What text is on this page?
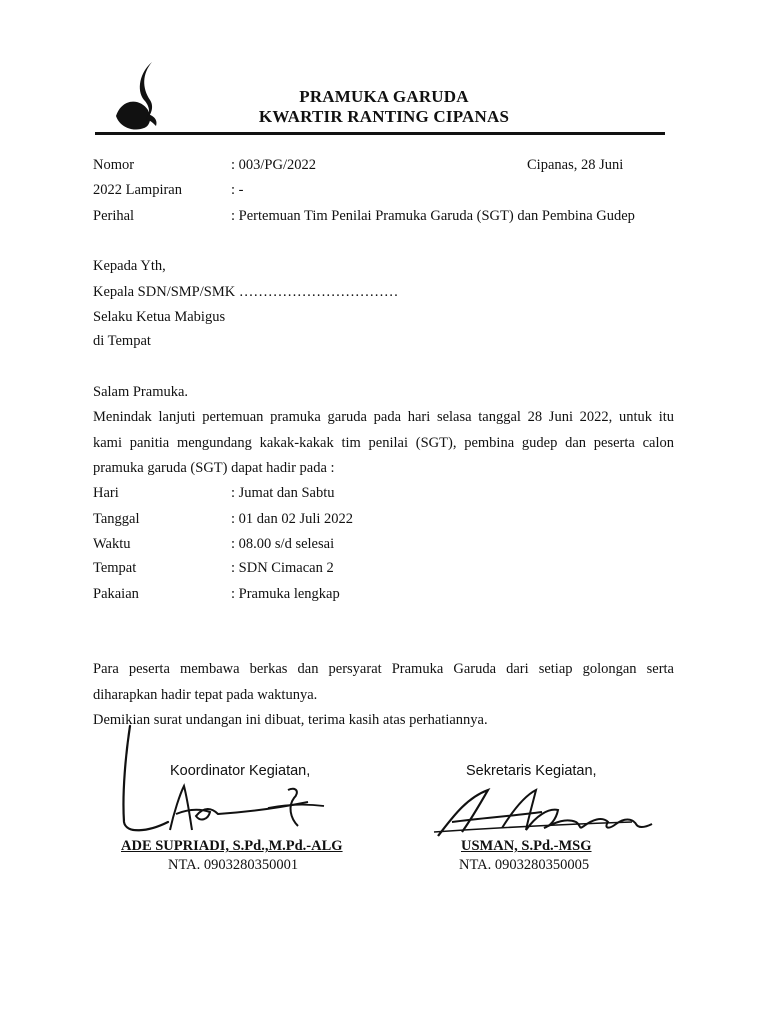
PRAMUKA GARUDA
KWARTIR RANTING CIPANAS
Nomor	: 003/PG/2022	Cipanas, 28 Juni
2022 Lampiran	: -
Perihal	: Pertemuan Tim Penilai Pramuka Garuda (SGT) dan Pembina Gudep
Kepada Yth,
Kepala SDN/SMP/SMK ……………………………
Selaku Ketua Mabigus
di Tempat
Salam Pramuka.
Menindak lanjuti pertemuan pramuka garuda pada hari selasa tanggal 28 Juni 2022, untuk itu
kami panitia mengundang kakak-kakak tim penilai (SGT), pembina gudep dan peserta calon
pramuka garuda (SGT) dapat hadir pada :
Hari	: Jumat dan Sabtu
Tanggal	: 01 dan 02 Juli 2022
Waktu	: 08.00 s/d selesai
Tempat	: SDN Cimacan 2
Pakaian	: Pramuka lengkap
Para peserta membawa berkas dan persyarat Pramuka Garuda dari setiap golongan serta
diharapkan hadir tepat pada waktunya.
Demikian surat undangan ini dibuat, terima kasih atas perhatiannya.
Koordinator Kegiatan,	Sekretaris Kegiatan,
ADE SUPRIADI, S.Pd.,M.Pd.-ALG
NTA. 0903280350001
USMAN, S.Pd.-MSG
NTA. 0903280350005
